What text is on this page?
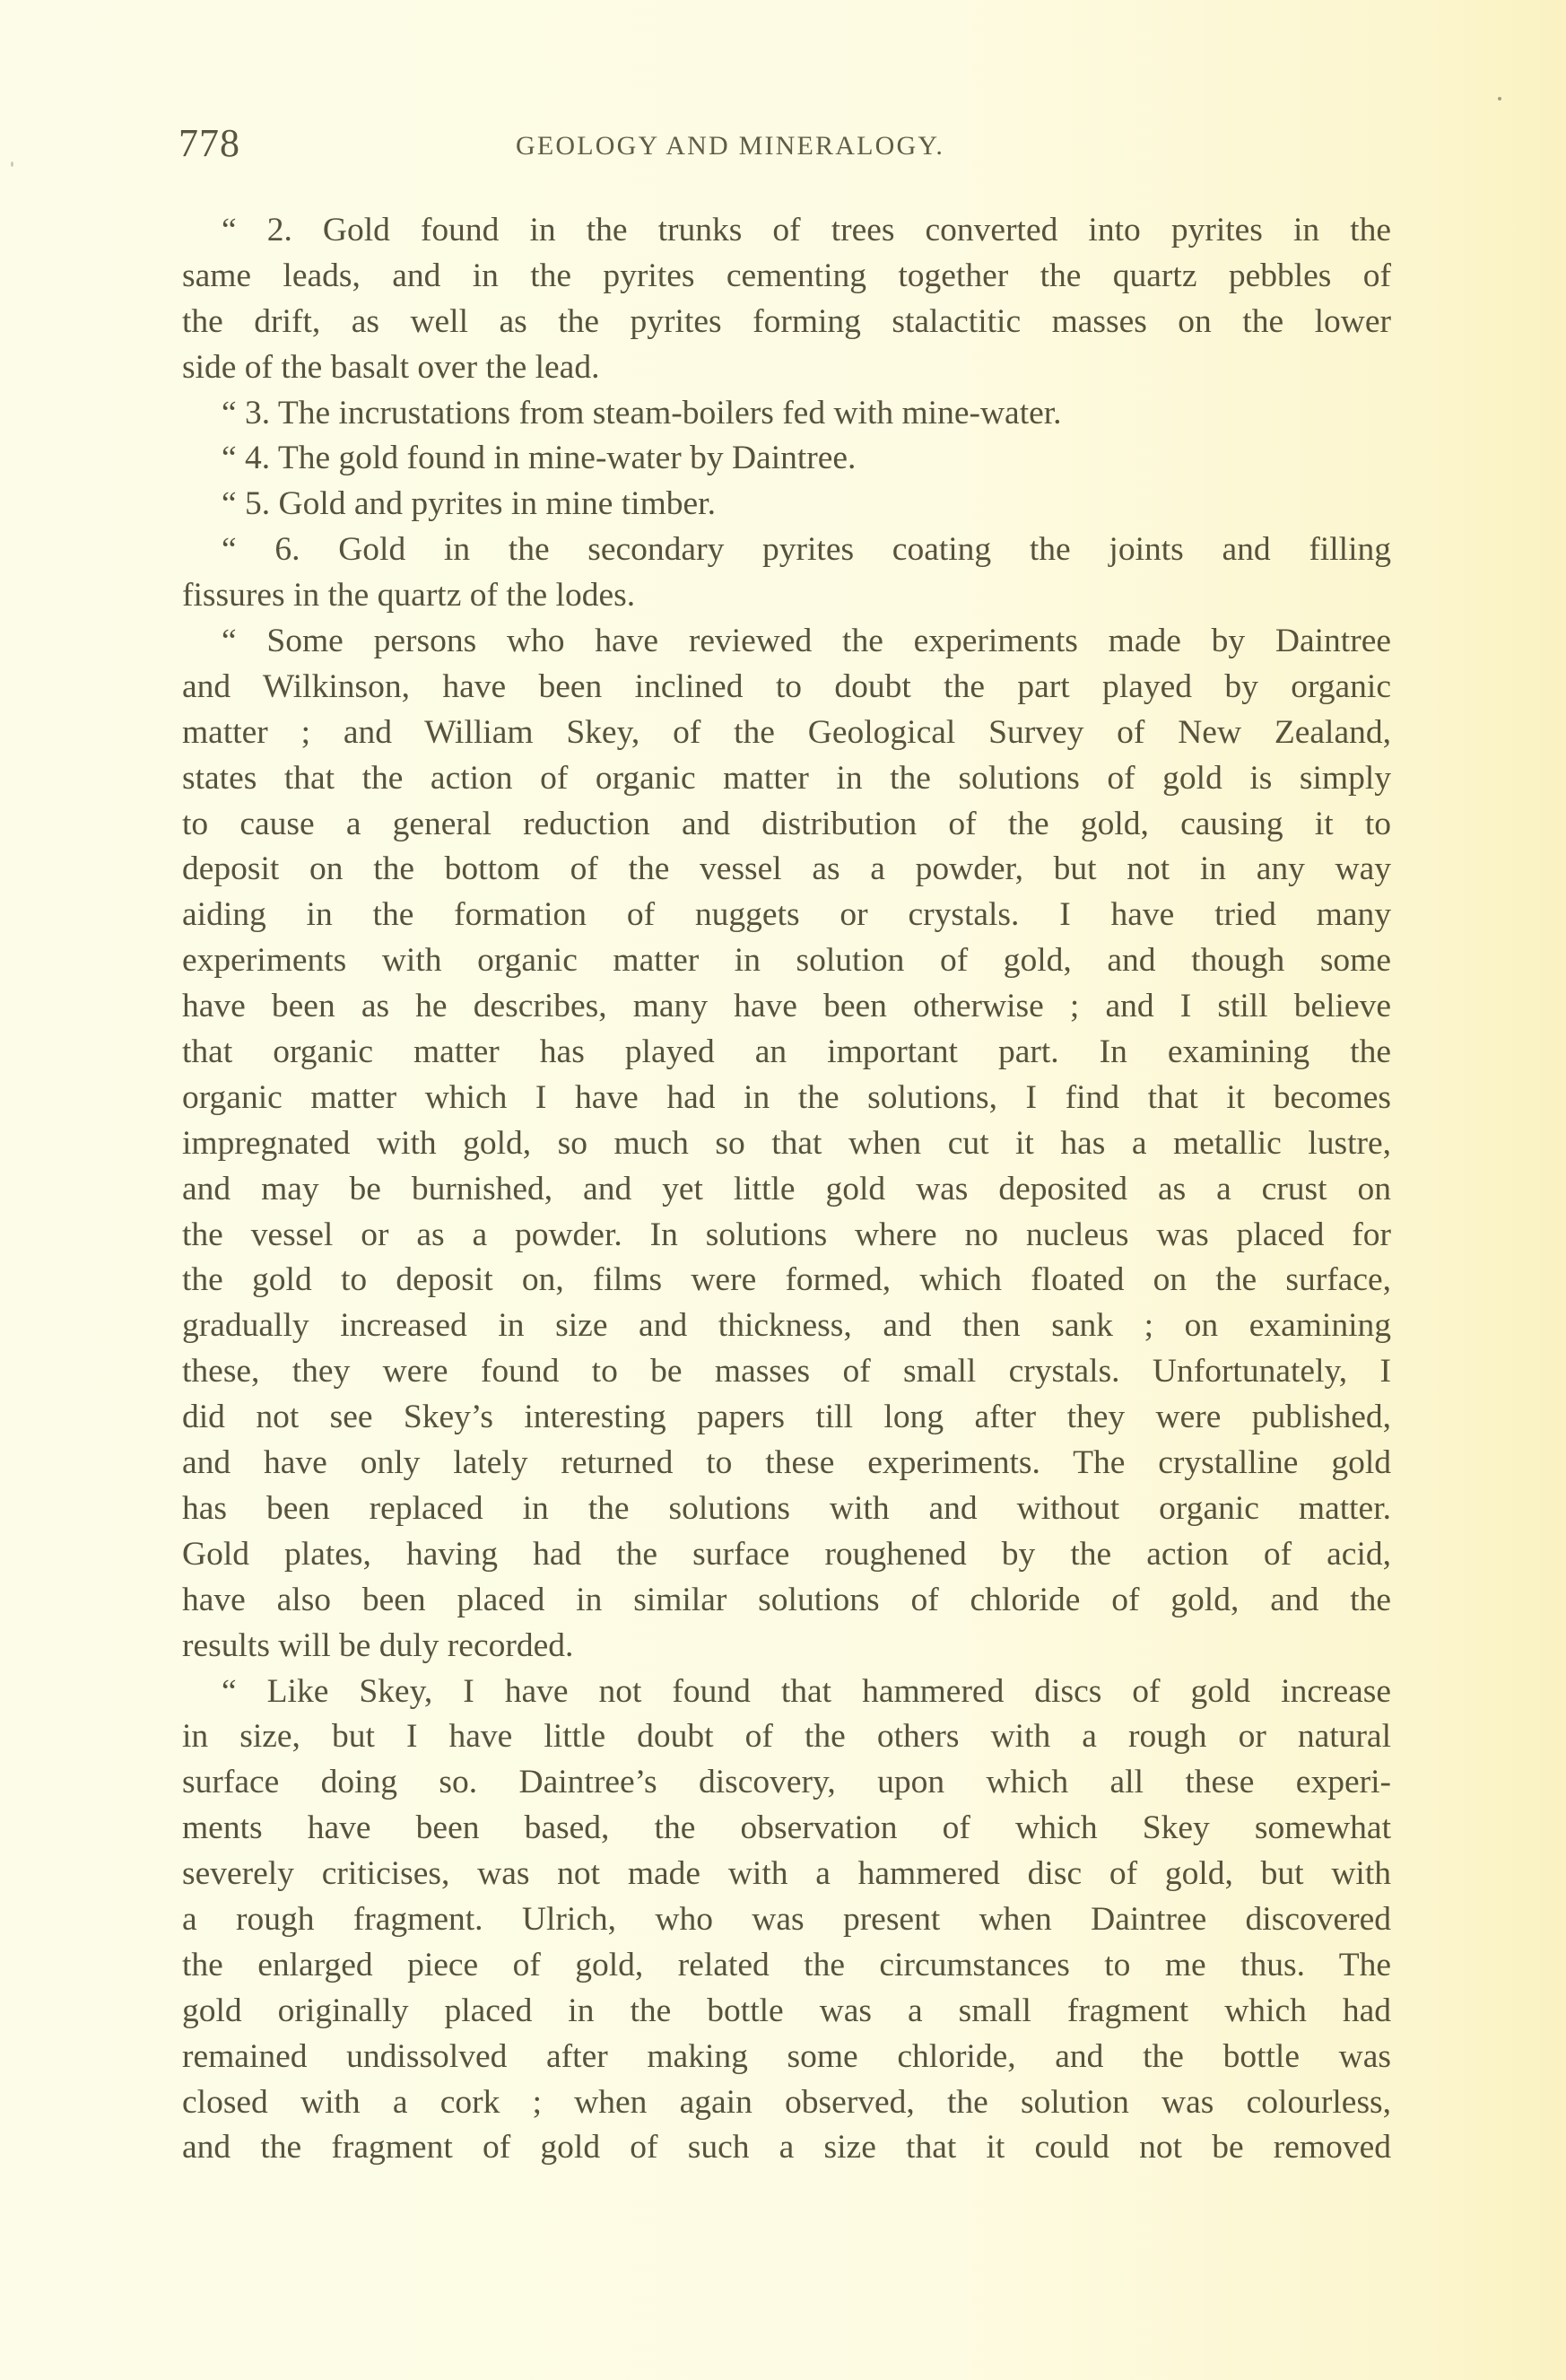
778	GEOLOGY AND MINERALOGY.
“ 2. Gold found in the trunks of trees converted into pyrites in the
same leads, and in the pyrites cementing together the quartz pebbles of
the drift, as well as the pyrites forming stalactitic masses on the lower
side of the basalt over the lead.
“ 3. The incrustations from steam-boilers fed with mine-water.
“ 4. The gold found in mine-water by Daintree.
“ 5. Gold and pyrites in mine timber.
“ 6. Gold in the secondary pyrites coating the joints and filling
fissures in the quartz of the lodes.
“ Some persons who have reviewed the experiments made by Daintree
and Wilkinson, have been inclined to doubt the part played by organic
matter ; and William Skey, of the Geological Survey of New Zealand,
states that the action of organic matter in the solutions of gold is simply
to cause a general reduction and distribution of the gold, causing it to
deposit on the bottom of the vessel as a powder, but not in any way
aiding in the formation of nuggets or crystals. I have tried many
experiments with organic matter in solution of gold, and though some
have been as he describes, many have been otherwise ; and I still believe
that organic matter has played an important part. In examining the
organic matter which I have had in the solutions, I find that it becomes
impregnated with gold, so much so that when cut it has a metallic lustre,
and may be burnished, and yet little gold was deposited as a crust on
the vessel or as a powder. In solutions where no nucleus was placed for
the gold to deposit on, films were formed, which floated on the surface,
gradually increased in size and thickness, and then sank ; on examining
these, they were found to be masses of small crystals. Unfortunately, I
did not see Skey’s interesting papers till long after they were published,
and have only lately returned to these experiments. The crystalline gold
has been replaced in the solutions with and without organic matter.
Gold plates, having had the surface roughened by the action of acid,
have also been placed in similar solutions of chloride of gold, and the
results will be duly recorded.
“ Like Skey, I have not found that hammered discs of gold increase
in size, but I have little doubt of the others with a rough or natural
surface doing so. Daintree’s discovery, upon which all these experi-
ments have been based, the observation of which Skey somewhat
severely criticises, was not made with a hammered disc of gold, but with
a rough fragment. Ulrich, who was present when Daintree discovered
the enlarged piece of gold, related the circumstances to me thus. The
gold originally placed in the bottle was a small fragment which had
remained undissolved after making some chloride, and the bottle was
closed with a cork ; when again observed, the solution was colourless,
and the fragment of gold of such a size that it could not be removed
